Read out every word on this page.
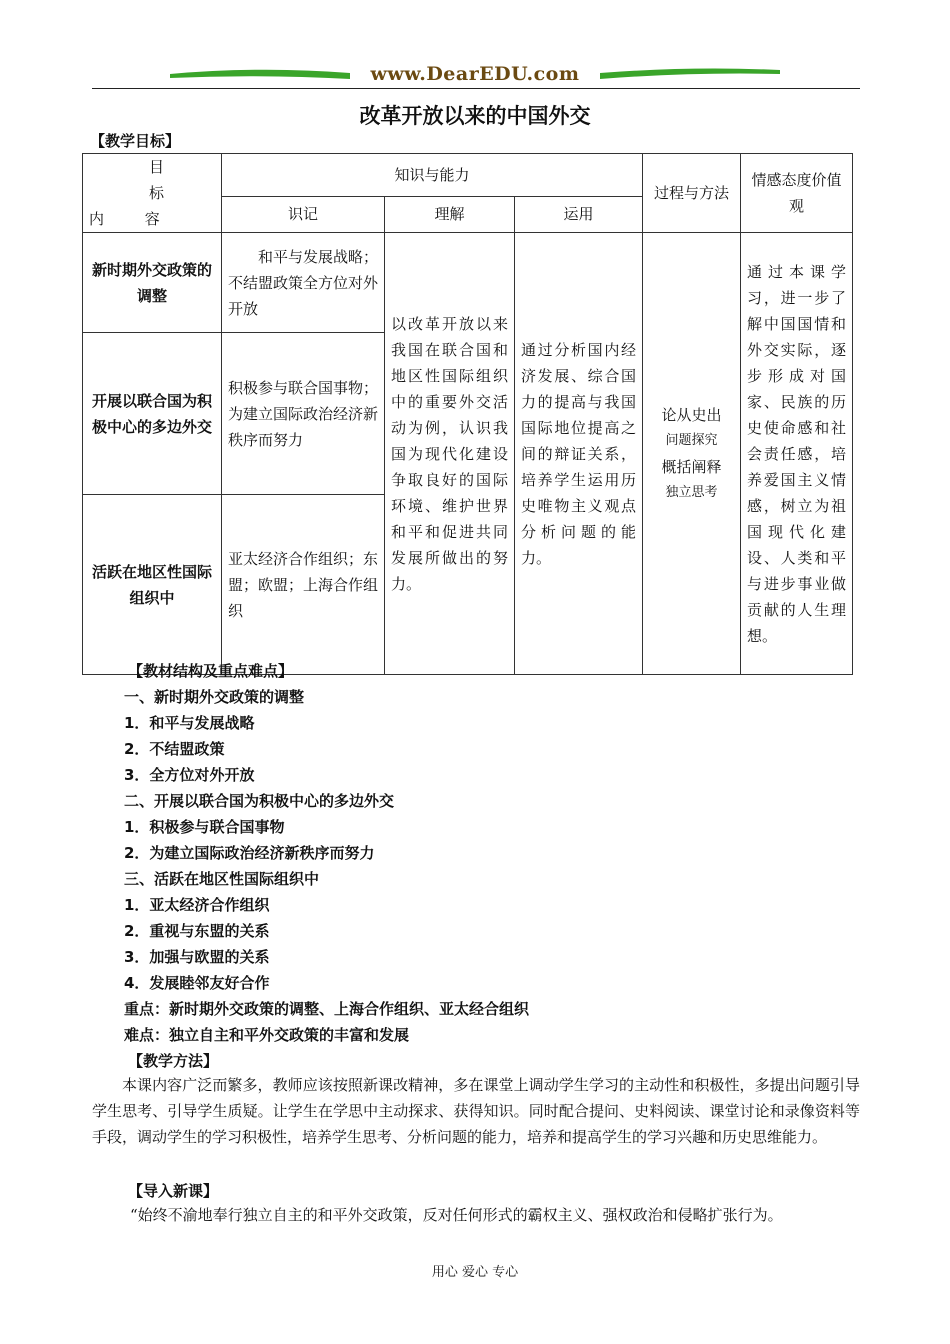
www.DearEDU.com
改革开放以来的中国外交
【教学目标】
目 标
内 容	知识与能力			过程与方法	情感态度价值观
	识记	理解	运用		
新时期外交政策的调整	和平与发展战略；不结盟政策全方位对外开放	以改革开放以来我国在联合国和地区性国际组织中的重要外交活动为例，认识我国为现代化建设争取良好的国际环境、维护世界和平和促进共同发展所做出的努力。	通过分析国内经济发展、综合国力的提高与我国国际地位提高之间的辩证关系，培养学生运用历史唯物主义观点分析问题的能力。	论从史出
问题探究
概括阐释
独立思考	通过本课学习，进一步了解中国国情和外交实际，逐步形成对国家、民族的历史使命感和社会责任感，培养爱国主义情感，树立为祖国现代化建设、人类和平与进步事业做贡献的人生理想。
开展以联合国为积极中心的多边外交	积极参与联合国事物；为建立国际政治经济新秩序而努力				
活跃在地区性国际组织中	亚太经济合作组织；东盟；欧盟；上海合作组织				
【教材结构及重点难点】
一、新时期外交政策的调整
1．和平与发展战略
2．不结盟政策
3．全方位对外开放
二、开展以联合国为积极中心的多边外交
1．积极参与联合国事物
2．为建立国际政治经济新秩序而努力
三、活跃在地区性国际组织中
1．亚太经济合作组织
2．重视与东盟的关系
3．加强与欧盟的关系
4．发展睦邻友好合作
重点：新时期外交政策的调整、上海合作组织、亚太经合组织
难点：独立自主和平外交政策的丰富和发展
【教学方法】
本课内容广泛而繁多，教师应该按照新课改精神，多在课堂上调动学生学习的主动性和积极性，多提出问题引导学生思考、引导学生质疑。让学生在学思中主动探求、获得知识。同时配合提问、史料阅读、课堂讨论和录像资料等手段，调动学生的学习积极性，培养学生思考、分析问题的能力，培养和提高学生的学习兴趣和历史思维能力。
【导入新课】
“始终不渝地奉行独立自主的和平外交政策，反对任何形式的霸权主义、强权政治和侵略扩张行为。
用心 爱心 专心
